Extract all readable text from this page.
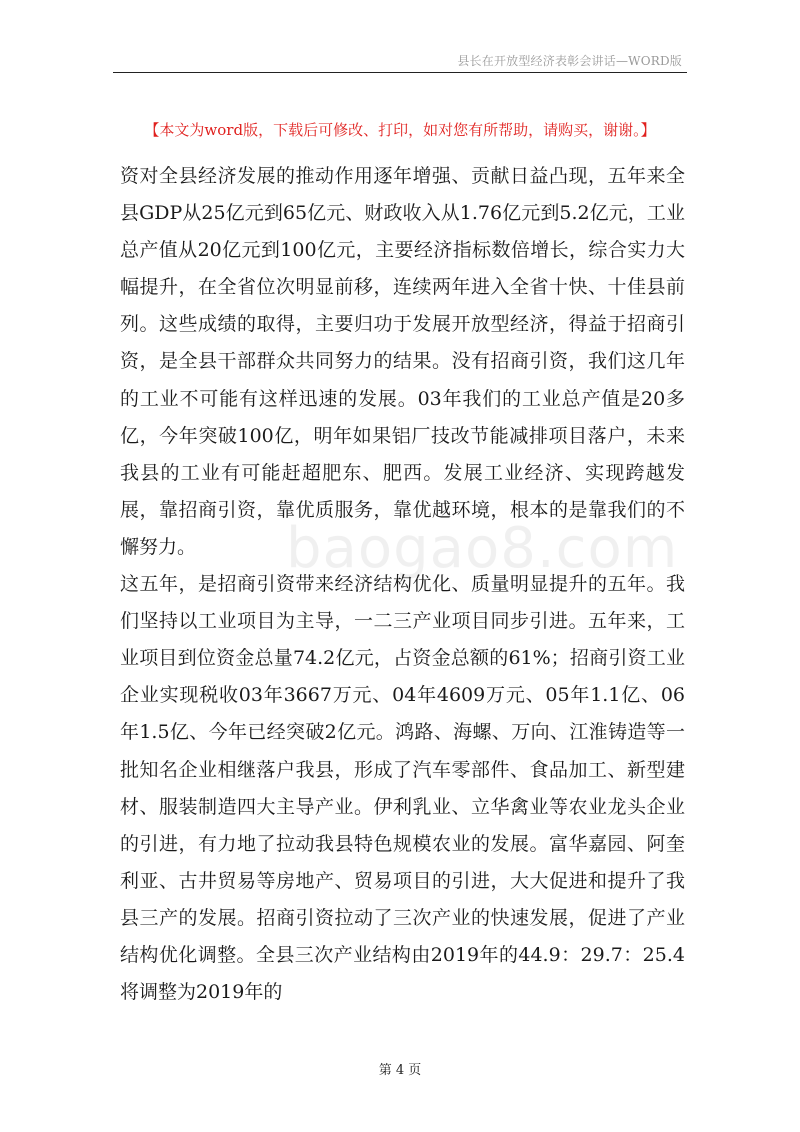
县长在开放型经济表彰会讲话—WORD版
【本文为word版，下载后可修改、打印，如对您有所帮助，请购买，谢谢。】

资对全县经济发展的推动作用逐年增强、贡献日益凸现，五年来全县GDP从25亿元到65亿元、财政收入从1.76亿元到5.2亿元，工业总产值从20亿元到100亿元，主要经济指标数倍增长，综合实力大幅提升，在全省位次明显前移，连续两年进入全省十快、十佳县前列。这些成绩的取得，主要归功于发展开放型经济，得益于招商引资，是全县干部群众共同努力的结果。没有招商引资，我们这几年的工业不可能有这样迅速的发展。03年我们的工业总产值是20多亿，今年突破100亿，明年如果铝厂技改节能减排项目落户，未来我县的工业有可能赶超肥东、肥西。发展工业经济、实现跨越发展，靠招商引资，靠优质服务，靠优越环境，根本的是靠我们的不懈努力。

这五年，是招商引资带来经济结构优化、质量明显提升的五年。我们坚持以工业项目为主导，一二三产业项目同步引进。五年来，工业项目到位资金总量74.2亿元，占资金总额的61%；招商引资工业企业实现税收03年3667万元、04年4609万元、05年1.1亿、06年1.5亿、今年已经突破2亿元。鸿路、海螺、万向、江淮铸造等一批知名企业相继落户我县，形成了汽车零部件、食品加工、新型建材、服装制造四大主导产业。伊利乳业、立华禽业等农业龙头企业的引进，有力地了拉动我县特色规模农业的发展。富华嘉园、阿奎利亚、古井贸易等房地产、贸易项目的引进，大大促进和提升了我县三产的发展。招商引资拉动了三次产业的快速发展，促进了产业结构优化调整。全县三次产业结构由2019年的44.9：29.7：25.4将调整为2019年的

baogao8.com
第 4 页
